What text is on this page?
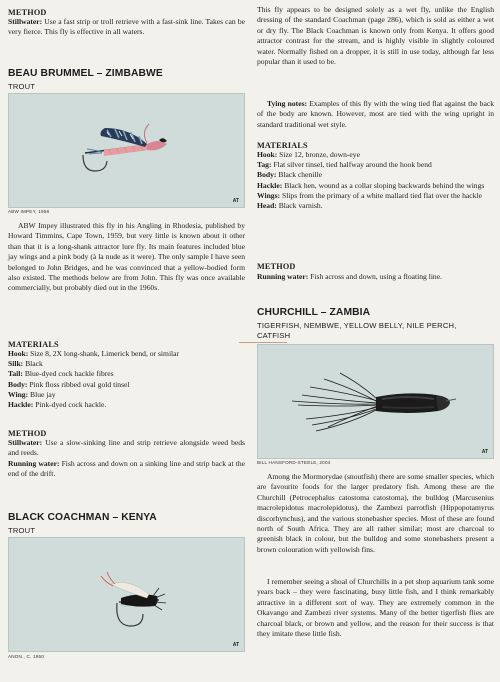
METHOD

Stillwater: Use a fast strip or troll retrieve with a fast-sink line. Takes can be very fierce. This fly is effective in all waters.

BEAU BRUMMEL – ZIMBABWE
TROUT
AT
ABW IMPEY, 1958

ABW Impey illustrated this fly in his Angling in Rhodesia, published by Howard Timmins, Cape Town, 1959, but very little is known about it other than that it is a long-shank attractor lure fly. Its main features included blue jay wings and a pink body (à la nude as it were). The only sample I have seen belonged to John Bridges, and he was convinced that a yellow-bodied form also existed. The methods below are from John. This fly was once available commercially, but probably died out in the 1960s.

MATERIALS

Hook: Size 8, 2X long-shank, Limerick bend, or similar

Silk: Black

Tail: Blue-dyed cock hackle fibres

Body: Pink floss ribbed oval gold tinsel

Wing: Blue jay

Hackle: Pink-dyed cock hackle.

METHOD

Stillwater: Use a slow-sinking line and strip retrieve alongside weed beds and reeds.

Running water: Fish across and down on a sinking line and strip back at the end of the drift.

BLACK COACHMAN – KENYA
TROUT
AT
ANON., C. 1950

This fly appears to be designed solely as a wet fly, unlike the English dressing of the standard Coachman (page 286), which is sold as either a wet or dry fly. The Black Coachman is known only from Kenya. It offers good attractor contrast for the stream, and is highly visible in slightly coloured water. Normally fished on a dropper, it is still in use today, although far less popular than it used to be.

Tying notes: Examples of this fly with the wing tied flat against the back of the body are known. However, most are tied with the wing upright in standard traditional wet style.

MATERIALS

Hook: Size 12, bronze, down-eye

Tag: Flat silver tinsel, tied halfway around the hook bend

Body: Black chenille

Hackle: Black hen, wound as a collar sloping backwards behind the wings

Wings: Slips from the primary of a white mallard tied flat over the hackle

Head: Black varnish.

METHOD

Running water: Fish across and down, using a floating line.

CHURCHILL – ZAMBIA
TIGERFISH, NEMBWE, YELLOW BELLY, NILE PERCH,
CATFISH
AT
BILL HANSFORD-STEELE, 2004

Among the Mormorydae (snoutfish) there are some smaller species, which are favourite foods for the larger predatory fish. Among these are the Churchill (Petrocephalus catostoma catostoma), the bulldog (Marcusenius macrolepidotus macrolepidotus), the Zambezi parrotfish (Hippopotamyrus discorhynchus), and the various stonebasher species. Most of these are found north of South Africa. They are all rather similar; most are charcoal to greenish black in colour, but the bulldog and some stonebashers present a brown colouration with yellowish fins.

I remember seeing a shoal of Churchills in a pet shop aquarium tank some years back – they were fascinating, busy little fish, and I think remarkably attractive in a different sort of way. They are extremely common in the Okavango and Zambezi river systems. Many of the better tigerfish flies are charcoal black, or brown and yellow, and the reason for their success is that they imitate these little fish.
